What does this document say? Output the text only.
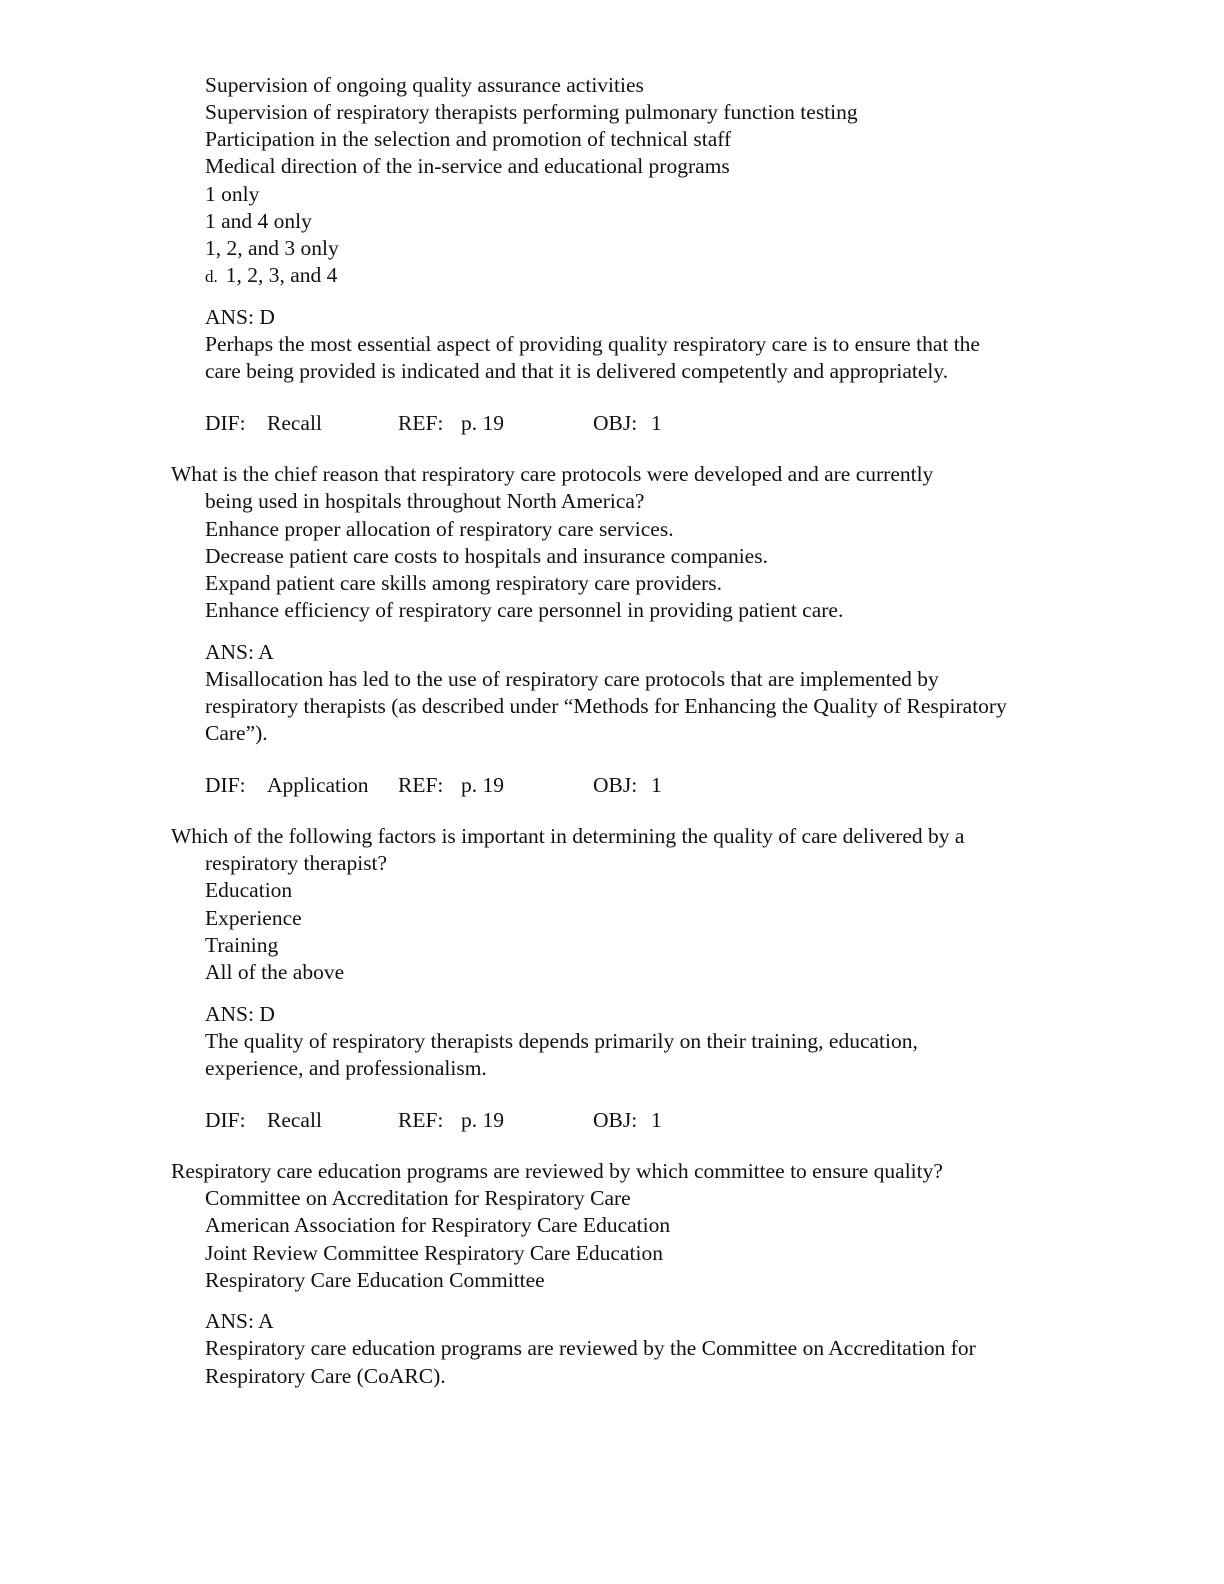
Supervision of ongoing quality assurance activities
Supervision of respiratory therapists performing pulmonary function testing
Participation in the selection and promotion of technical staff
Medical direction of the in-service and educational programs
1 only
1 and 4 only
1, 2, and 3 only
d. 1, 2, 3, and 4
ANS: D
Perhaps the most essential aspect of providing quality respiratory care is to ensure that the
care being provided is indicated and that it is delivered competently and appropriately.
DIF: Recall	REF: p. 19	OBJ: 1
What is the chief reason that respiratory care protocols were developed and are currently
being used in hospitals throughout North America?
Enhance proper allocation of respiratory care services.
Decrease patient care costs to hospitals and insurance companies.
Expand patient care skills among respiratory care providers.
Enhance efficiency of respiratory care personnel in providing patient care.
ANS: A
Misallocation has led to the use of respiratory care protocols that are implemented by
respiratory therapists (as described under “Methods for Enhancing the Quality of Respiratory
Care”).
DIF: Application REF: p. 19	OBJ: 1
Which of the following factors is important in determining the quality of care delivered by a
respiratory therapist?
Education
Experience
Training
All of the above
ANS: D
The quality of respiratory therapists depends primarily on their training, education,
experience, and professionalism.
DIF: Recall	REF: p. 19	OBJ: 1
Respiratory care education programs are reviewed by which committee to ensure quality?
Committee on Accreditation for Respiratory Care
American Association for Respiratory Care Education
Joint Review Committee Respiratory Care Education
Respiratory Care Education Committee
ANS: A
Respiratory care education programs are reviewed by the Committee on Accreditation for
Respiratory Care (CoARC).
